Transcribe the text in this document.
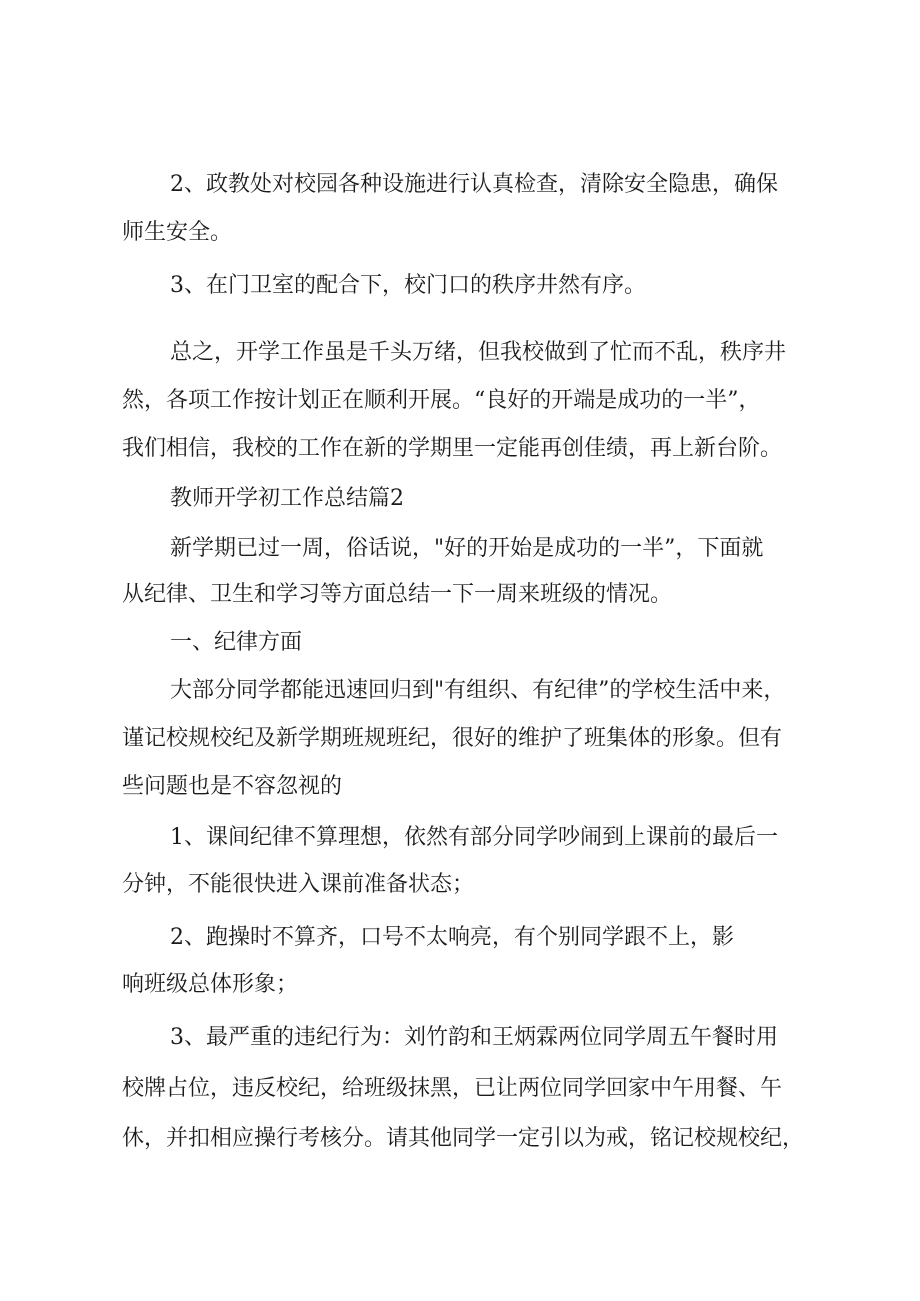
2、政教处对校园各种设施进行认真检查，清除安全隐患，确保
师生安全。
3、在门卫室的配合下，校门口的秩序井然有序。
总之，开学工作虽是千头万绪，但我校做到了忙而不乱，秩序井
然，各项工作按计划正在顺利开展。“良好的开端是成功的一半”，
我们相信，我校的工作在新的学期里一定能再创佳绩，再上新台阶。
教师开学初工作总结篇2
新学期已过一周，俗话说，"好的开始是成功的一半”，下面就
从纪律、卫生和学习等方面总结一下一周来班级的情况。
一、纪律方面
大部分同学都能迅速回归到"有组织、有纪律”的学校生活中来，
谨记校规校纪及新学期班规班纪，很好的维护了班集体的形象。但有
些问题也是不容忽视的
1、课间纪律不算理想，依然有部分同学吵闹到上课前的最后一
分钟，不能很快进入课前准备状态；
2、跑操时不算齐，口号不太响亮，有个别同学跟不上，影
响班级总体形象；
3、最严重的违纪行为：刘竹韵和王炳霖两位同学周五午餐时用
校牌占位，违反校纪，给班级抹黑，已让两位同学回家中午用餐、午
休，并扣相应操行考核分。请其他同学一定引以为戒，铭记校规校纪，
